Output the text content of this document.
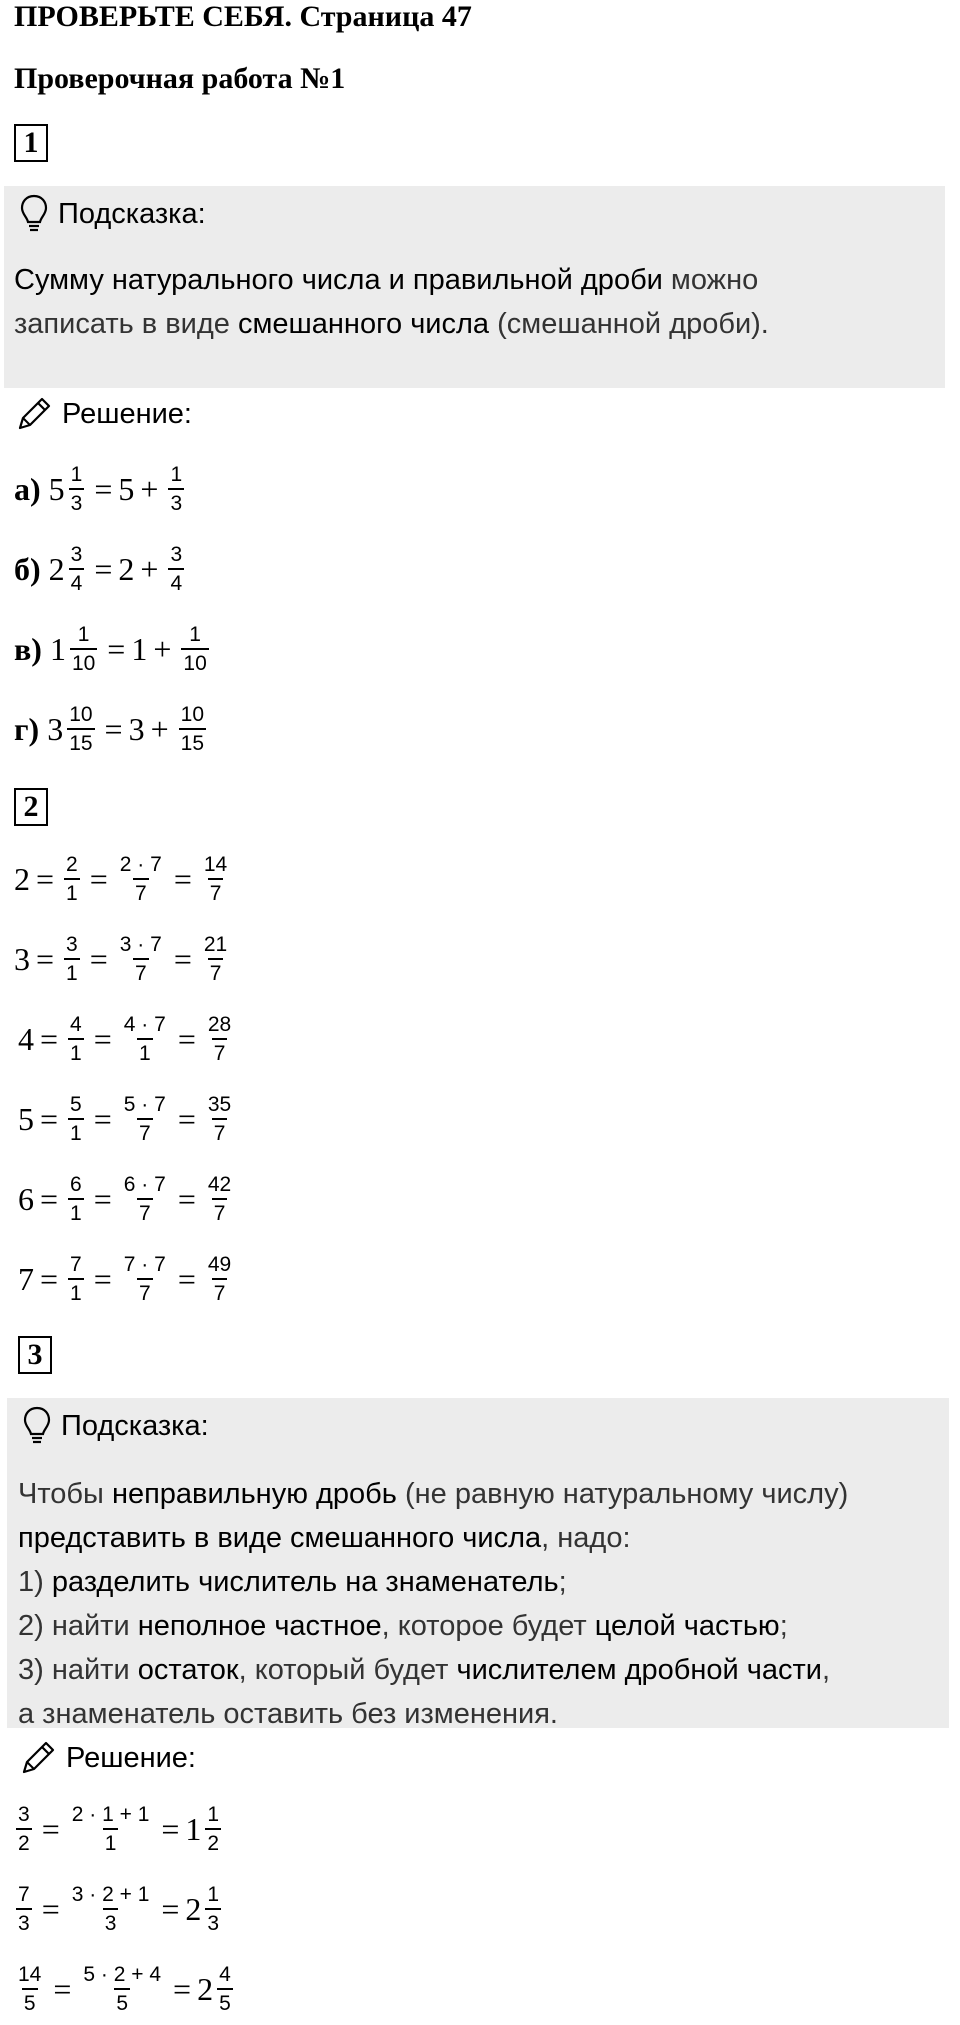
ПРОВЕРЬТЕ СЕБЯ. Страница 47
Проверочная работа №1
1
Подсказка:
Сумму натурального числа и правильной дроби можно
записать в виде смешанного числа (смешанной дроби).
Решение:
а) $5 \frac{1}{3} = 5 + \frac{1}{3}$
б) $2 \frac{3}{4} = 2 + \frac{3}{4}$
в) $1 \frac{1}{10} = 1 + \frac{1}{10}$
г) $3 \frac{10}{15} = 3 + \frac{10}{15}$
2
$2 = \frac{2}{1} = \frac{2 \cdot 7}{7} = \frac{14}{7}$
$3 = \frac{3}{1} = \frac{3 \cdot 7}{7} = \frac{21}{7}$
$4 = \frac{4}{1} = \frac{4 \cdot 7}{1} = \frac{28}{7}$
$5 = \frac{5}{1} = \frac{5 \cdot 7}{7} = \frac{35}{7}$
$6 = \frac{6}{1} = \frac{6 \cdot 7}{7} = \frac{42}{7}$
$7 = \frac{7}{1} = \frac{7 \cdot 7}{7} = \frac{49}{7}$
3
Подсказка:
Чтобы неправильную дробь (не равную натуральному числу)
представить в виде смешанного числа, надо:
1) разделить числитель на знаменатель;
2) найти неполное частное, которое будет целой частью;
3) найти остаток, который будет числителем дробной части,
а знаменатель оставить без изменения.
Решение:
$\frac{3}{2} = \frac{2 \cdot 1 + 1}{1} = 1 \frac{1}{2}$
$\frac{7}{3} = \frac{3 \cdot 2 + 1}{3} = 2 \frac{1}{3}$
$\frac{14}{5} = \frac{5 \cdot 2 + 4}{5} = 2 \frac{4}{5}$
